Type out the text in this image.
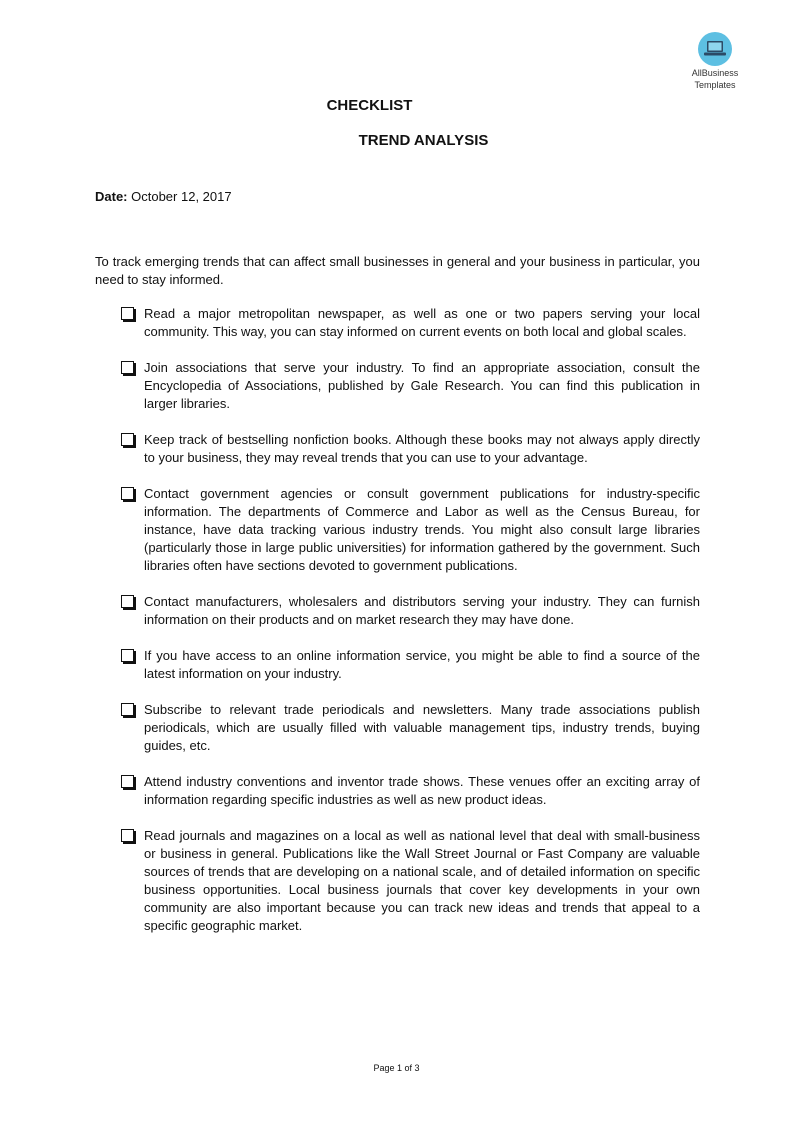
AllBusiness
Templates
CHECKLIST
TREND ANALYSIS
Date: October 12, 2017
To track emerging trends that can affect small businesses in general and your business in particular, you need to stay informed.
Read a major metropolitan newspaper, as well as one or two papers serving your local community. This way, you can stay informed on current events on both local and global scales.
Join associations that serve your industry. To find an appropriate association, consult the Encyclopedia of Associations, published by Gale Research. You can find this publication in larger libraries.
Keep track of bestselling nonfiction books. Although these books may not always apply directly to your business, they may reveal trends that you can use to your advantage.
Contact government agencies or consult government publications for industry-specific information. The departments of Commerce and Labor as well as the Census Bureau, for instance, have data tracking various industry trends. You might also consult large libraries (particularly those in large public universities) for information gathered by the government. Such libraries often have sections devoted to government publications.
Contact manufacturers, wholesalers and distributors serving your industry. They can furnish information on their products and on market research they may have done.
If you have access to an online information service, you might be able to find a source of the latest information on your industry.
Subscribe to relevant trade periodicals and newsletters. Many trade associations publish periodicals, which are usually filled with valuable management tips, industry trends, buying guides, etc.
Attend industry conventions and inventor trade shows. These venues offer an exciting array of information regarding specific industries as well as new product ideas.
Read journals and magazines on a local as well as national level that deal with small-business or business in general. Publications like the Wall Street Journal or Fast Company are valuable sources of trends that are developing on a national scale, and of detailed information on specific business opportunities. Local business journals that cover key developments in your own community are also important because you can track new ideas and trends that appeal to a specific geographic market.
Page 1 of 3
